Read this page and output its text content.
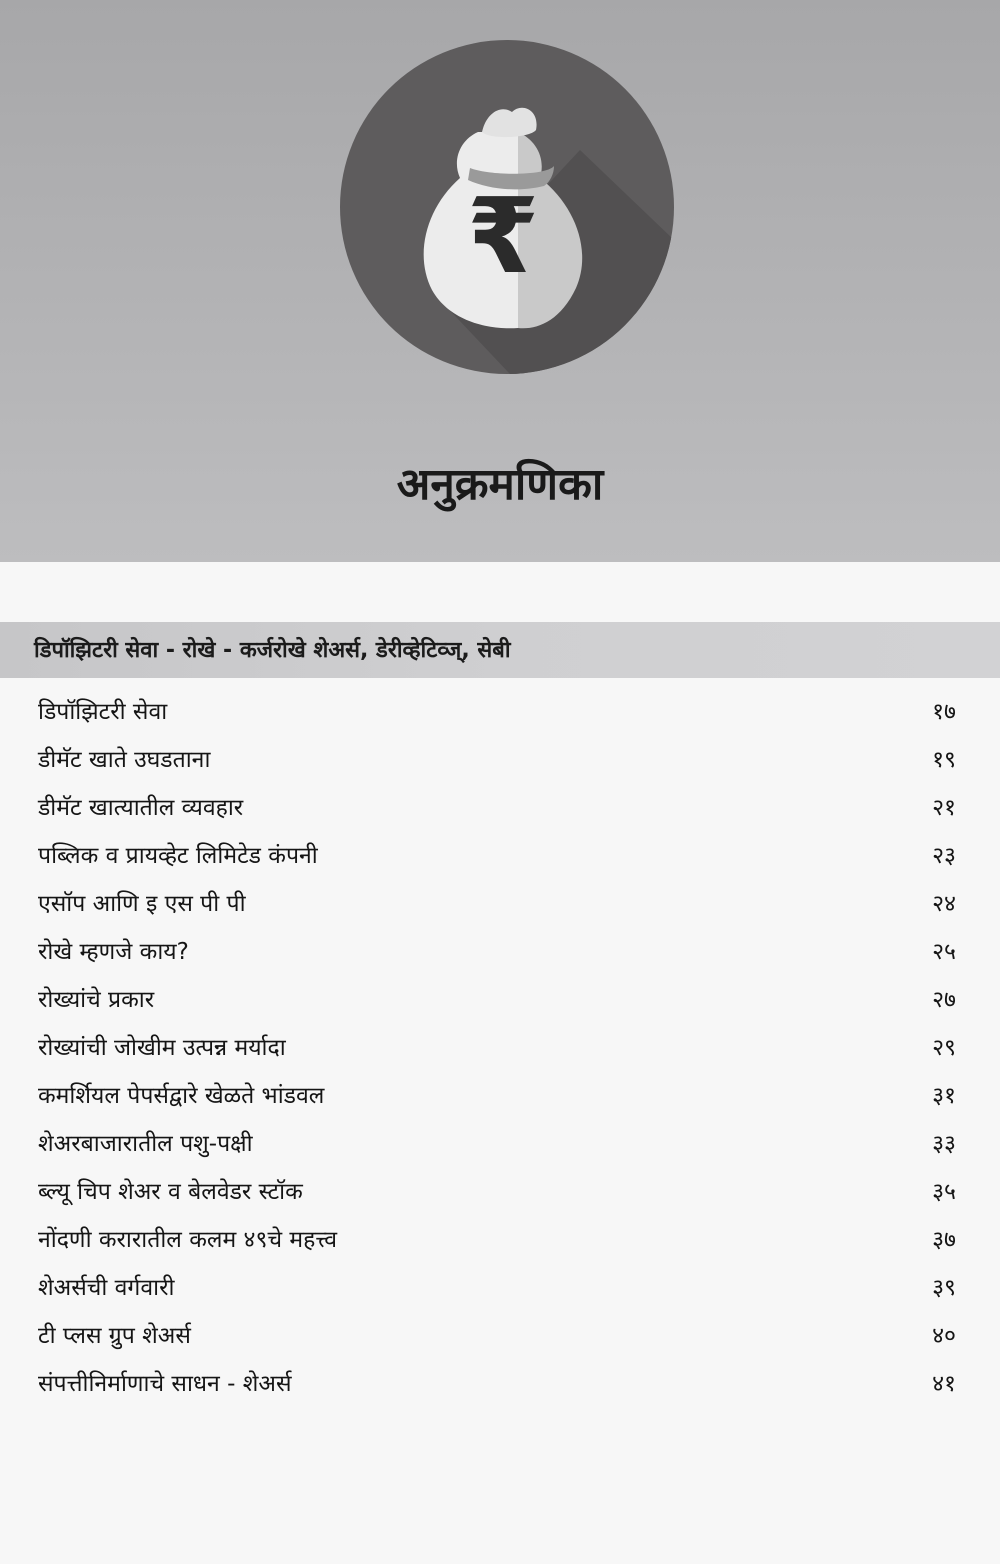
₹
अनुक्रमणिका
डिपॉझिटरी सेवा - रोखे - कर्जरोखे शेअर्स, डेरीव्हेटिव्ज्, सेबी
डिपॉझिटरी सेवा	१७
डीमॅट खाते उघडताना	१९
डीमॅट खात्यातील व्यवहार	२१
पब्लिक व प्रायव्हेट लिमिटेड कंपनी	२३
एसॉप आणि इ एस पी पी	२४
रोखे म्हणजे काय?	२५
रोख्यांचे प्रकार	२७
रोख्यांची जोखीम उत्पन्न मर्यादा	२९
कमर्शियल पेपर्सद्वारे खेळते भांडवल	३१
शेअरबाजारातील पशु-पक्षी	३३
ब्ल्यू चिप शेअर व बेलवेडर स्टॉक	३५
नोंदणी करारातील कलम ४९चे महत्त्व	३७
शेअर्सची वर्गवारी	३९
टी प्लस ग्रुप शेअर्स	४०
संपत्तीनिर्माणाचे साधन - शेअर्स	४१
